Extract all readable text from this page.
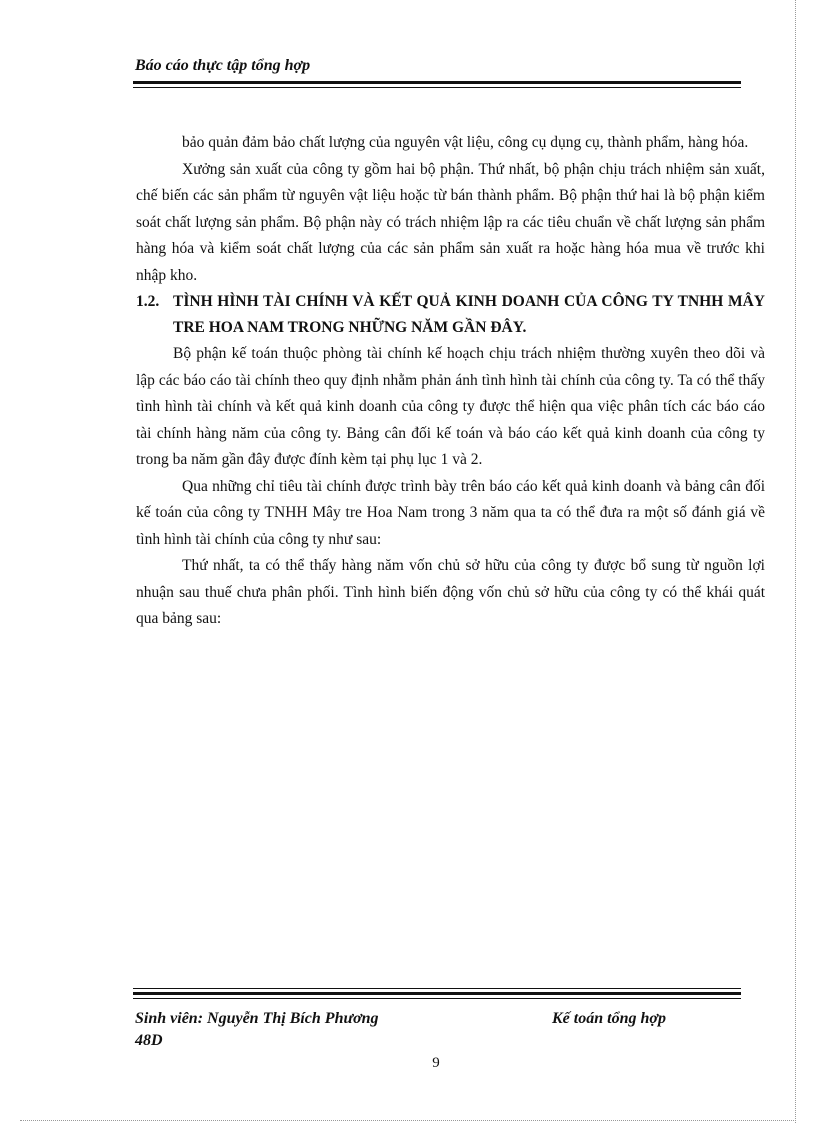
Báo cáo thực tập tổng hợp

bảo quản đảm bảo chất lượng của nguyên vật liệu, công cụ dụng cụ, thành phẩm, hàng hóa.

Xưởng sản xuất của công ty gồm hai bộ phận. Thứ nhất, bộ phận chịu trách nhiệm sản xuất, chế biến các sản phẩm từ nguyên vật liệu hoặc từ bán thành phẩm. Bộ phận thứ hai là bộ phận kiểm soát chất lượng sản phẩm. Bộ phận này có trách nhiệm lập ra các tiêu chuẩn về chất lượng sản phẩm hàng hóa và kiểm soát chất lượng của các sản phẩm sản xuất ra hoặc hàng hóa mua về trước khi nhập kho.

1.2. TÌNH HÌNH TÀI CHÍNH VÀ KẾT QUẢ KINH DOANH CỦA CÔNG TY TNHH MÂY TRE HOA NAM TRONG NHỮNG NĂM GẦN ĐÂY.

Bộ phận kế toán thuộc phòng tài chính kế hoạch chịu trách nhiệm thường xuyên theo dõi và lập các báo cáo tài chính theo quy định nhằm phản ánh tình hình tài chính của công ty. Ta có thể thấy tình hình tài chính và kết quả kinh doanh của công ty được thể hiện qua việc phân tích các báo cáo tài chính hàng năm của công ty. Bảng cân đối kế toán và báo cáo kết quả kinh doanh của công ty trong ba năm gần đây được đính kèm tại phụ lục 1 và 2.

Qua những chỉ tiêu tài chính được trình bày trên báo cáo kết quả kinh doanh và bảng cân đối kế toán của công ty TNHH Mây tre Hoa Nam trong 3 năm qua ta có thể đưa ra một số đánh giá về tình hình tài chính của công ty như sau:

Thứ nhất, ta có thể thấy hàng năm vốn chủ sở hữu của công ty được bổ sung từ nguồn lợi nhuận sau thuế chưa phân phối. Tình hình biến động vốn chủ sở hữu của công ty có thể khái quát qua bảng sau:

Sinh viên: Nguyễn Thị Bích Phương
48D
Kế toán tổng hợp
9
